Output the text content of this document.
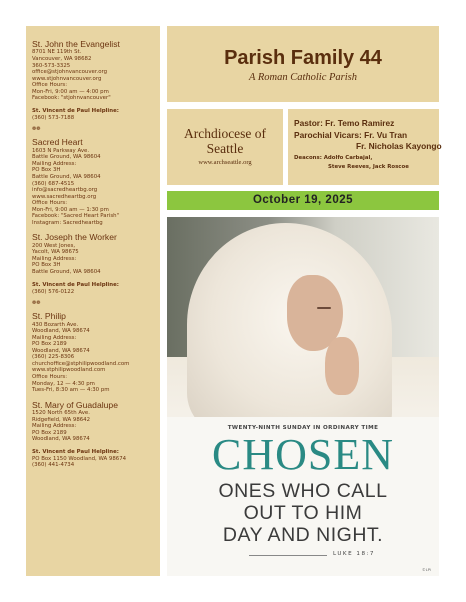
St. John the Evangelist

8701 NE 119th St.

Vancouver, WA 98682

360-573-3325

office@stjohnvancouver.org

www.stjohnvancouver.org

Office Hours:

Mon-Fri, 9:00 am — 4:00 pm

Facebook: "stjohnvancouver"

St. Vincent de Paul Helpline:

(360) 573-7188

❁❁

Sacred Heart

1603 N Parkway Ave.

Battle Ground, WA 98604

Mailing Address:

PO Box 3H

Battle Ground, WA 98604

(360) 687-4515

info@sacredheartbg.org

www.sacredheartbg.org

Office Hours:

Mon-Fri, 9:00 am — 1:30 pm

Facebook: "Sacred Heart Parish"

Instagram: Sacredheartbg

St. Joseph the Worker

200 West Jones,

Yacolt, WA 98675

Mailing Address:

PO Box 3H

Battle Ground, WA 98604

St. Vincent de Paul Helpline:

(360) 576-0122

❁❁

St. Philip

430 Bozarth Ave.

Woodland, WA 98674

Mailing Address:

PO Box 2189

Woodland, WA 98674

(360) 225-8306

churchoffice@stphilipwoodland.com

www.stphilipwoodland.com

Office Hours:

Monday, 12 — 4:30 pm

Tues-Fri, 8:30 am — 4:30 pm

St. Mary of Guadalupe

1520 North 65th Ave.

Ridgefield, WA 98642

Mailing Address:

PO Box 2189

Woodland, WA 98674

St. Vincent de Paul Helpline:

PO Box 1150 Woodland, WA 98674

(360) 441-4734

Parish Family 44

A Roman Catholic Parish

Archdiocese of
Seattle

www.archseattle.org

Pastor: Fr. Temo Ramirez

Parochial Vicars: Fr. Vu Tran

Fr. Nicholas Kayongo

Deacons: Adolfo Carbajal,

Steve Reeves, Jack Roscoe

October 19, 2025

TWENTY-NINTH SUNDAY IN ORDINARY TIME

CHOSEN

ONES WHO CALL

OUT TO HIM

DAY AND NIGHT.

LUKE 18:7

©LPi
